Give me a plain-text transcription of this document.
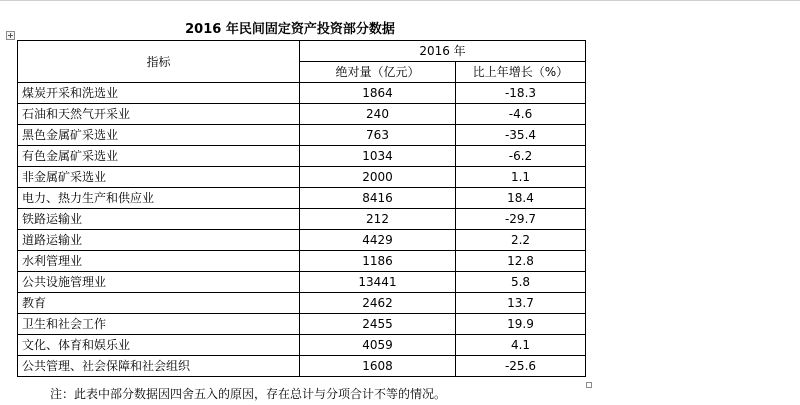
2016 年民间固定资产投资部分数据
指标	2016 年	
	绝对量（亿元）	比上年增长（%）
煤炭开采和洗选业	1864	-18.3
石油和天然气开采业	240	-4.6
黑色金属矿采选业	763	-35.4
有色金属矿采选业	1034	-6.2
非金属矿采选业	2000	1.1
电力、热力生产和供应业	8416	18.4
铁路运输业	212	-29.7
道路运输业	4429	2.2
水利管理业	1186	12.8
公共设施管理业	13441	5.8
教育	2462	13.7
卫生和社会工作	2455	19.9
文化、体育和娱乐业	4059	4.1
公共管理、社会保障和社会组织	1608	-25.6
注：此表中部分数据因四舍五入的原因，存在总计与分项合计不等的情况。
